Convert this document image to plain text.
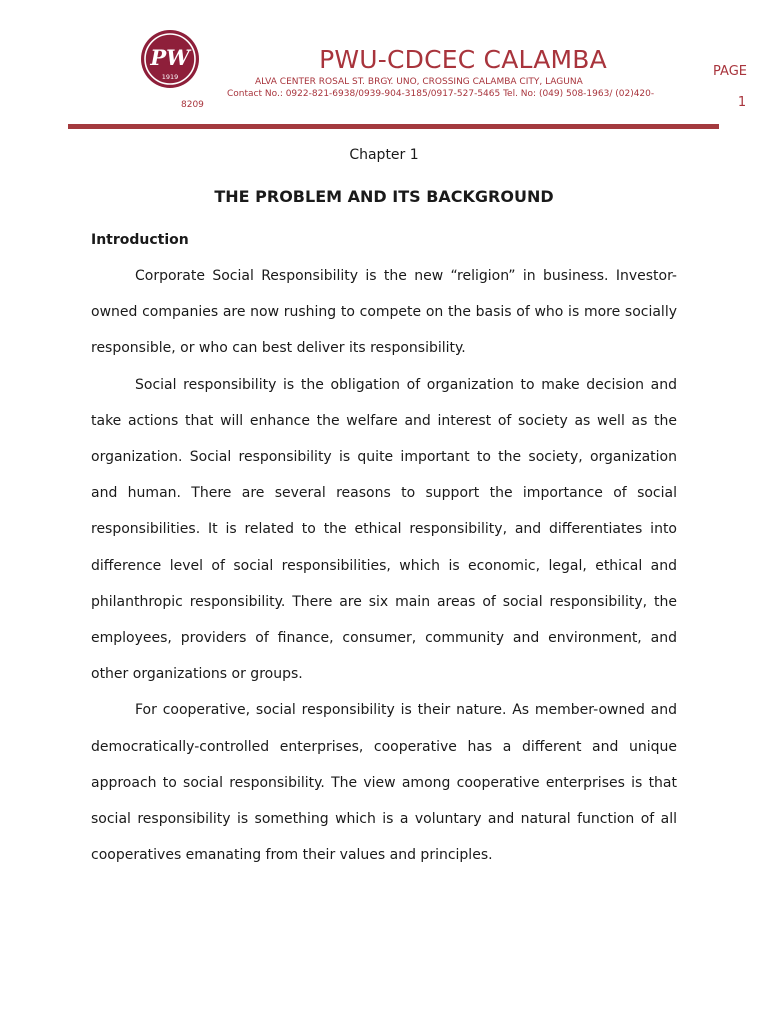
PW
1919
PWU-CDCEC CALAMBA
ALVA CENTER ROSAL ST. BRGY. UNO, CROSSING CALAMBA CITY, LAGUNA
Contact No.: 0922-821-6938/0939-904-3185/0917-527-5465 Tel. No: (049) 508-1963/ (02)420-8209
PAGE
1
Chapter 1
THE PROBLEM AND ITS BACKGROUND
Introduction

Corporate Social Responsibility is the new “religion” in business. Investor-owned companies are now rushing to compete on the basis of who is more socially responsible, or who can best deliver its responsibility.

Social responsibility is the obligation of organization to make decision and take actions that will enhance the welfare and interest of society as well as the organization. Social responsibility is quite important to the society, organization and human. There are several reasons to support the importance of social responsibilities. It is related to the ethical responsibility, and differentiates into difference level of social responsibilities, which is economic, legal, ethical and philanthropic responsibility. There are six main areas of social responsibility, the employees, providers of finance, consumer, community and environment, and other organizations or groups.

For cooperative, social responsibility is their nature. As member-owned and democratically-controlled enterprises, cooperative has a different and unique approach to social responsibility. The view among cooperative enterprises is that social responsibility is something which is a voluntary and natural function of all cooperatives emanating from their values and principles.
